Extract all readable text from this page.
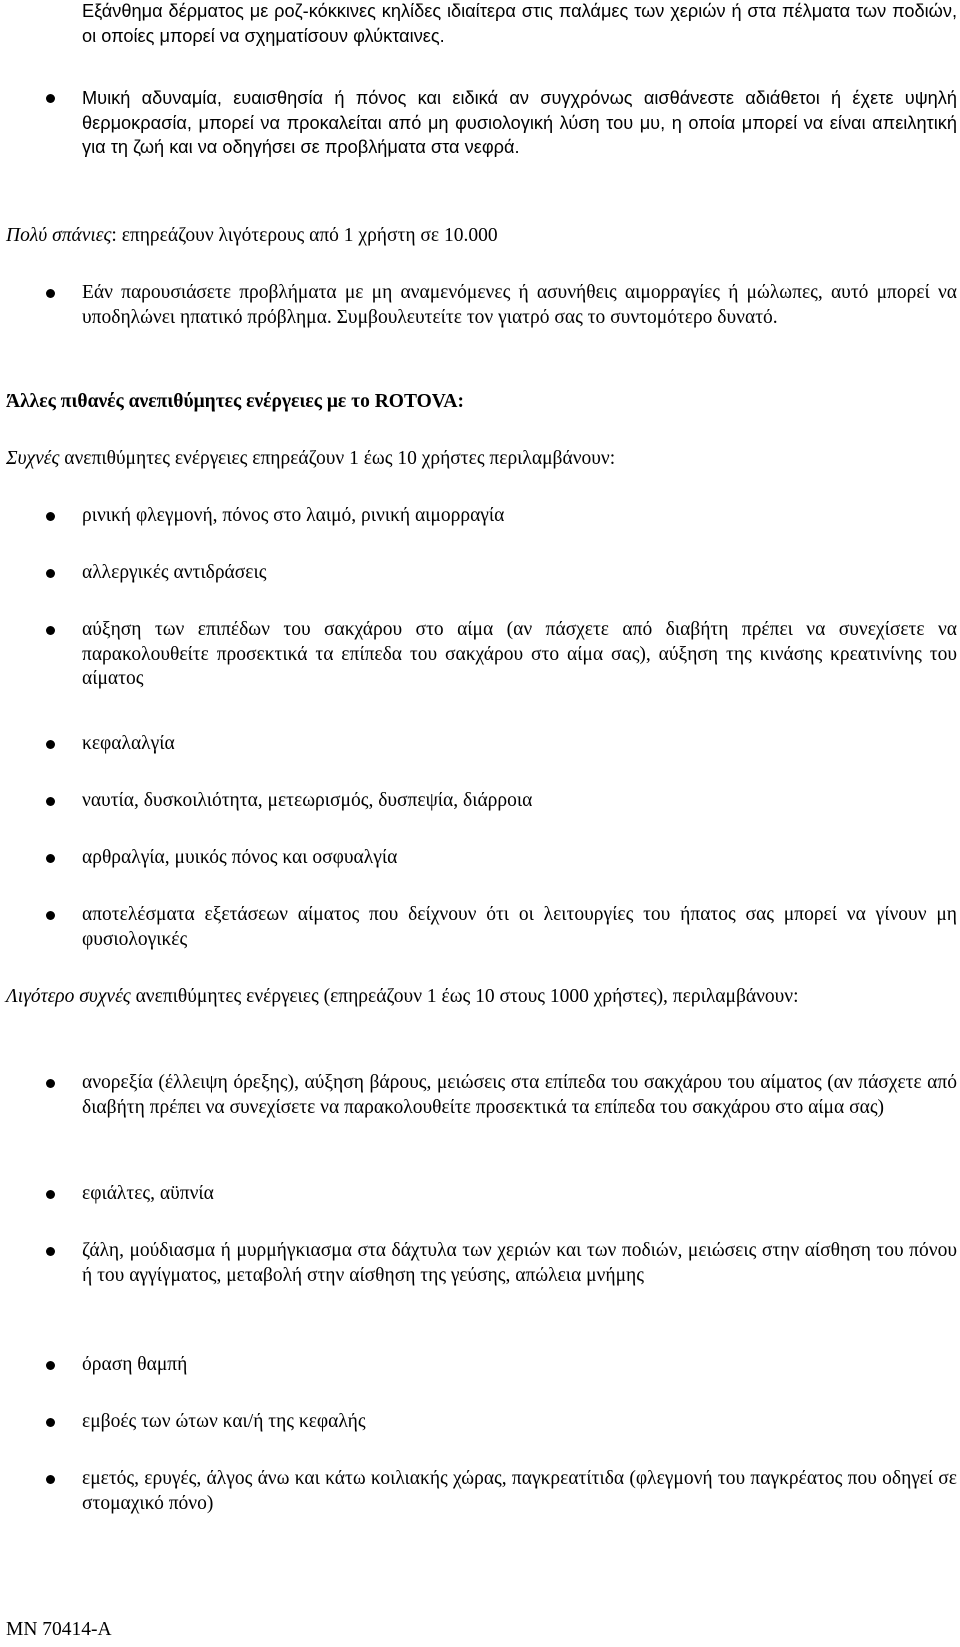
Εξάνθημα δέρματος με ροζ-κόκκινες κηλίδες ιδιαίτερα στις παλάμες των χεριών ή στα πέλματα των ποδιών, οι οποίες μπορεί να σχηματίσουν φλύκταινες.

Μυική αδυναμία, ευαισθησία ή πόνος και ειδικά αν συγχρόνως αισθάνεστε αδιάθετοι ή έχετε υψηλή θερμοκρασία, μπορεί να προκαλείται από μη φυσιολογική λύση του μυ, η οποία μπορεί να είναι απειλητική για τη ζωή και να οδηγήσει σε προβλήματα στα νεφρά.

Πολύ σπάνιες: επηρεάζουν λιγότερους από 1 χρήστη σε 10.000

Εάν παρουσιάσετε προβλήματα με μη αναμενόμενες ή ασυνήθεις αιμορραγίες ή μώλωπες, αυτό μπορεί να υποδηλώνει ηπατικό πρόβλημα. Συμβουλευτείτε τον γιατρό σας το συντομότερο δυνατό.

Άλλες πιθανές ανεπιθύμητες ενέργειες με το ROTOVA:

Συχνές ανεπιθύμητες ενέργειες επηρεάζουν 1 έως 10 χρήστες περιλαμβάνουν:

ρινική φλεγμονή, πόνος στο λαιμό, ρινική αιμορραγία

αλλεργικές αντιδράσεις

αύξηση των επιπέδων του σακχάρου στο αίμα (αν πάσχετε από διαβήτη πρέπει να συνεχίσετε να παρακολουθείτε προσεκτικά τα επίπεδα του σακχάρου στο αίμα σας), αύξηση της κινάσης κρεατινίνης του αίματος

κεφαλαλγία

ναυτία, δυσκοιλιότητα, μετεωρισμός, δυσπεψία, διάρροια

αρθραλγία, μυικός πόνος και οσφυαλγία

αποτελέσματα εξετάσεων αίματος που δείχνουν ότι οι λειτουργίες του ήπατος σας μπορεί να γίνουν μη φυσιολογικές

Λιγότερο συχνές ανεπιθύμητες ενέργειες (επηρεάζουν 1 έως 10 στους 1000 χρήστες), περιλαμβάνουν:

ανορεξία (έλλειψη όρεξης), αύξηση βάρους, μειώσεις στα επίπεδα του σακχάρου του αίματος (αν πάσχετε από διαβήτη πρέπει να συνεχίσετε να παρακολουθείτε προσεκτικά τα επίπεδα του σακχάρου στο αίμα σας)

εφιάλτες, αϋπνία

ζάλη, μούδιασμα ή μυρμήγκιασμα στα δάχτυλα των χεριών και των ποδιών, μειώσεις στην αίσθηση του πόνου ή του αγγίγματος, μεταβολή στην αίσθηση της γεύσης, απώλεια μνήμης

όραση θαμπή

εμβοές των ώτων και/ή της κεφαλής

εμετός, ερυγές, άλγος άνω και κάτω κοιλιακής χώρας, παγκρεατίτιδα (φλεγμονή του παγκρέατος που οδηγεί σε στομαχικό πόνο)

MN 70414-A
